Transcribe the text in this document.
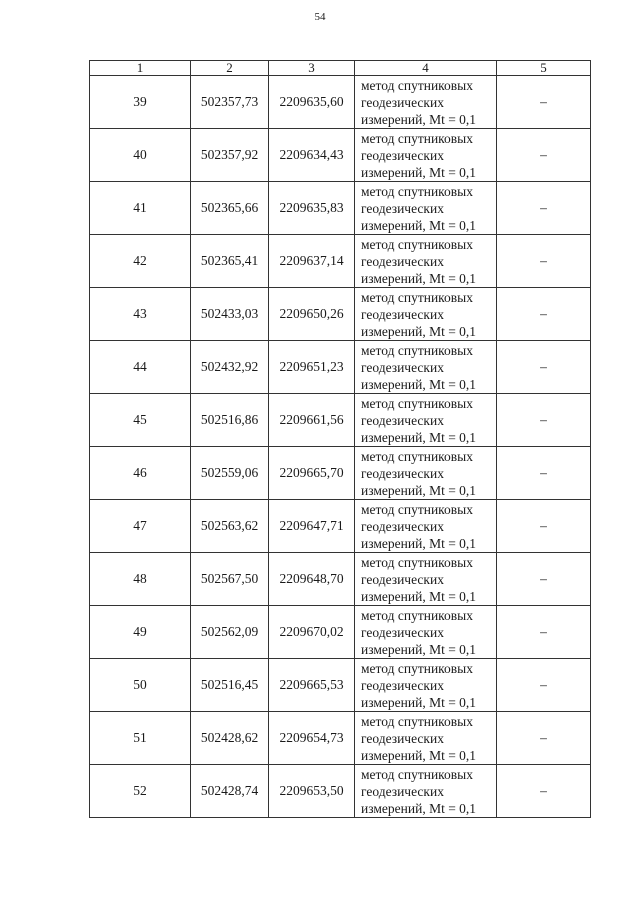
54
1	2	3	4	5
39	502357,73	2209635,60	метод спутниковых
геодезических
измерений, Mt = 0,1	–
40	502357,92	2209634,43	метод спутниковых
геодезических
измерений, Mt = 0,1	–
41	502365,66	2209635,83	метод спутниковых
геодезических
измерений, Mt = 0,1	–
42	502365,41	2209637,14	метод спутниковых
геодезических
измерений, Mt = 0,1	–
43	502433,03	2209650,26	метод спутниковых
геодезических
измерений, Mt = 0,1	–
44	502432,92	2209651,23	метод спутниковых
геодезических
измерений, Mt = 0,1	–
45	502516,86	2209661,56	метод спутниковых
геодезических
измерений, Mt = 0,1	–
46	502559,06	2209665,70	метод спутниковых
геодезических
измерений, Mt = 0,1	–
47	502563,62	2209647,71	метод спутниковых
геодезических
измерений, Mt = 0,1	–
48	502567,50	2209648,70	метод спутниковых
геодезических
измерений, Mt = 0,1	–
49	502562,09	2209670,02	метод спутниковых
геодезических
измерений, Mt = 0,1	–
50	502516,45	2209665,53	метод спутниковых
геодезических
измерений, Mt = 0,1	–
51	502428,62	2209654,73	метод спутниковых
геодезических
измерений, Mt = 0,1	–
52	502428,74	2209653,50	метод спутниковых
геодезических
измерений, Mt = 0,1	–
